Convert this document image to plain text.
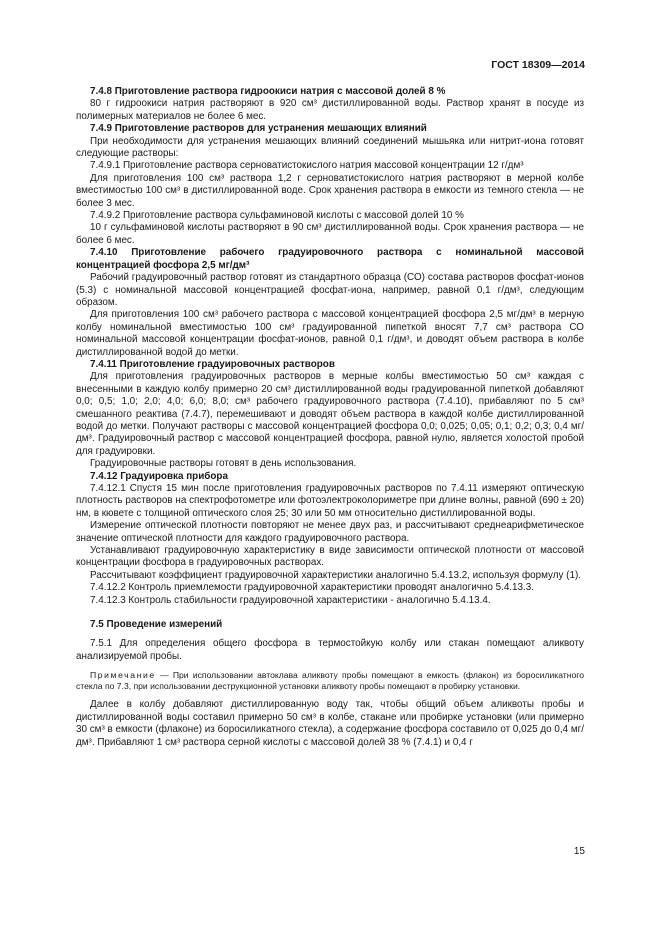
ГОСТ 18309—2014

7.4.8 Приготовление раствора гидроокиси натрия с массовой долей 8 %

80 г гидроокиси натрия растворяют в 920 см³ дистиллированной воды. Раствор хранят в посуде из полимерных материалов не более 6 мес.

7.4.9 Приготовление растворов для устранения мешающих влияний

При необходимости для устранения мешающих влияний соединений мышьяка или нитрит-иона готовят следующие растворы:

7.4.9.1 Приготовление раствора серноватистокислого натрия массовой концентрации 12 г/дм³

Для приготовления 100 см³ раствора 1,2 г серноватистокислого натрия растворяют в мерной колбе вместимостью 100 см³ в дистиллированной воде. Срок хранения раствора в емкости из темного стекла — не более 3 мес.

7.4.9.2 Приготовление раствора сульфаминовой кислоты с массовой долей 10 %

10 г сульфаминовой кислоты растворяют в 90 см³ дистиллированной воды. Срок хранения раствора — не более 6 мес.

7.4.10 Приготовление рабочего градуировочного раствора с номинальной массовой концентрацией фосфора 2,5 мг/дм³

Рабочий градуировочный раствор готовят из стандартного образца (СО) состава растворов фосфат-ионов (5.3) с номинальной массовой концентрацией фосфат-иона, например, равной 0,1 г/дм³, следующим образом.

Для приготовления 100 см³ рабочего раствора с массовой концентрацией фосфора 2,5 мг/дм³ в мерную колбу номинальной вместимостью 100 см³ градуированной пипеткой вносят 7,7 см³ раствора СО номинальной массовой концентрации фосфат-ионов, равной 0,1 г/дм³, и доводят объем раствора в колбе дистиллированной водой до метки.

7.4.11 Приготовление градуировочных растворов

Для приготовления градуировочных растворов в мерные колбы вместимостью 50 см³ каждая с внесенными в каждую колбу примерно 20 см³ дистиллированной воды градуированной пипеткой добавляют 0,0; 0,5; 1,0; 2,0; 4,0; 6,0; 8,0; см³ рабочего градуировочного раствора (7.4.10), прибавляют по 5 см³ смешанного реактива (7.4.7), перемешивают и доводят объем раствора в каждой колбе дистиллированной водой до метки. Получают растворы с массовой концентрацией фосфора 0,0; 0,025; 0,05; 0,1; 0,2; 0,3; 0,4 мг/дм³. Градуировочный раствор с массовой концентрацией фосфора, равной нулю, является холостой пробой для градуировки.

Градуировочные растворы готовят в день использования.

7.4.12 Градуировка прибора

7.4.12.1 Спустя 15 мин после приготовления градуировочных растворов по 7.4.11 измеряют оптическую плотность растворов на спектрофотометре или фотоэлектроколориметре при длине волны, равной (690 ± 20) нм, в кювете с толщиной оптического слоя 25; 30 или 50 мм относительно дистиллированной воды.

Измерение оптической плотности повторяют не менее двух раз, и рассчитывают среднеарифметическое значение оптической плотности для каждого градуировочного раствора.

Устанавливают градуировочную характеристику в виде зависимости оптической плотности от массовой концентрации фосфора в градуировочных растворах.

Рассчитывают коэффициент градуировочной характеристики аналогично 5.4.13.2, используя формулу (1).

7.4.12.2 Контроль приемлемости градуировочной характеристики проводят аналогично 5.4.13.3.

7.4.12.3 Контроль стабильности градуировочной характеристики - аналогично 5.4.13.4.

7.5 Проведение измерений

7.5.1 Для определения общего фосфора в термостойкую колбу или стакан помещают аликвоту анализируемой пробы.

Примечание — При использовании автоклава аликвоту пробы помещают в емкость (флакон) из боросиликатного стекла по 7.3, при использовании деструкционной установки аликвоту пробы помещают в пробирку установки.

Далее в колбу добавляют дистиллированную воду так, чтобы общий объем аликвоты пробы и дистиллированной воды составил примерно 50 см³ в колбе, стакане или пробирке установки (или примерно 30 см³ в емкости (флаконе) из боросиликатного стекла), а содержание фосфора составило от 0,025 до 0,4 мг/дм³. Прибавляют 1 см³ раствора серной кислоты с массовой долей 38 % (7.4.1) и 0,4 г

15
